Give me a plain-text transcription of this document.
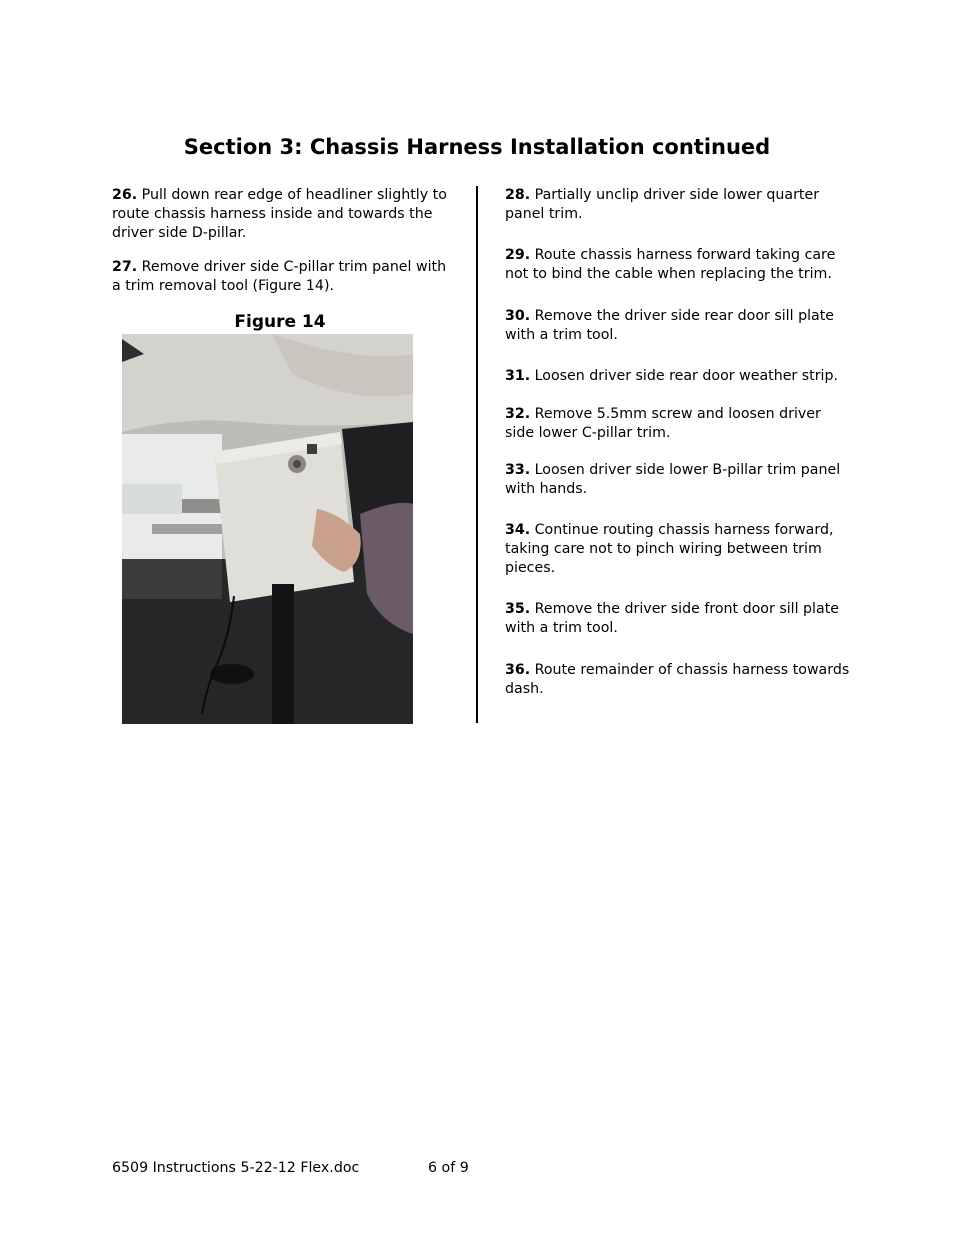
Section 3: Chassis Harness Installation continued

26. Pull down rear edge of headliner slightly to route chassis harness inside and towards the driver side D-pillar.

27. Remove driver side C-pillar trim panel with a trim removal tool (Figure 14).

Figure 14

28. Partially unclip driver side lower quarter panel trim.

29. Route chassis harness forward taking care not to bind the cable when replacing the trim.

30. Remove the driver side rear door sill plate with a trim tool.

31. Loosen driver side rear door weather strip.

32. Remove 5.5mm screw and loosen driver side lower C-pillar trim.

33. Loosen driver side lower B-pillar trim panel with hands.

34. Continue routing chassis harness forward, taking care not to pinch wiring between trim pieces.

35. Remove the driver side front door sill plate with a trim tool.

36. Route remainder of chassis harness towards dash.

6509 Instructions 5-22-12 Flex.doc	6 of 9
